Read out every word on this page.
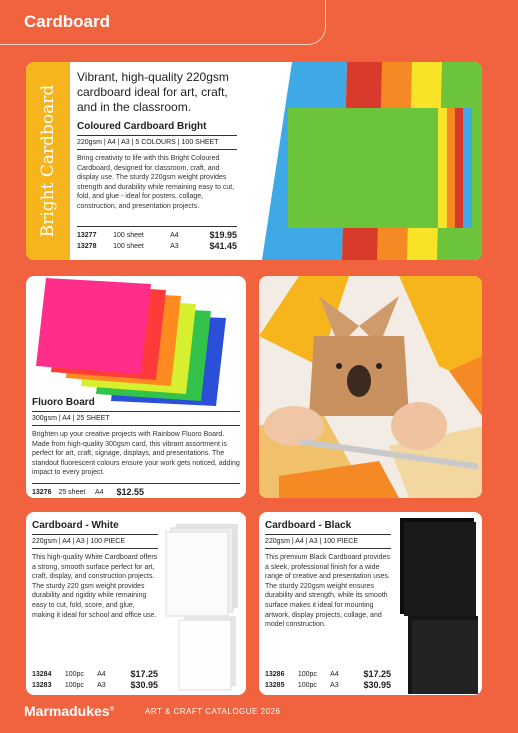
Cardboard
Bright Cardboard
Vibrant, high-quality 220gsm cardboard ideal for art, craft, and in the classroom.
Coloured Cardboard Bright
220gsm | A4 | A3 | 5 COLOURS | 100 SHEET
Bring creativity to life with this Bright Coloured Cardboard, designed for classroom, craft, and display use. The sturdy 220gsm weight provides strength and durability while remaining easy to cut, fold, and glue - ideal for posters, collage, construction, and presentation projects.
13277	100 sheet	A4	$19.95
13278	100 sheet	A3	$41.45
Fluoro Board
300gsm | A4 | 25 SHEET
Brighten up your creative projects with Rainbow Fluoro Board. Made from high-quality 300gsm card, this vibrant assortment is perfect for art, craft, signage, displays, and presentations. The standout fluorescent colours ensure your work gets noticed, adding impact to every project.
13276	25 sheet	A4	$12.55
Cardboard - White
220gsm | A4 | A3 | 100 PIECE
This high-quality White Cardboard offers a strong, smooth surface perfect for art, craft, display, and construction projects. The sturdy 220 gsm weight provides durability and rigidity while remaining easy to cut, fold, score, and glue, making it ideal for school and office use.
13284	100pc	A4	$17.25
13283	100pc	A3	$30.95
Cardboard - Black
220gsm | A4 | A3 | 100 PIECE
This premium Black Cardboard provides a sleek, professional finish for a wide range of creative and presentation uses. The sturdy 220gsm weight ensures durability and strength, while its smooth surface makes it ideal for mounting artwork, display projects, collage, and model construction.
13286	100pc	A4	$17.25
13285	100pc	A3	$30.95
Marmadukes®	ART & CRAFT CATALOGUE 2026
